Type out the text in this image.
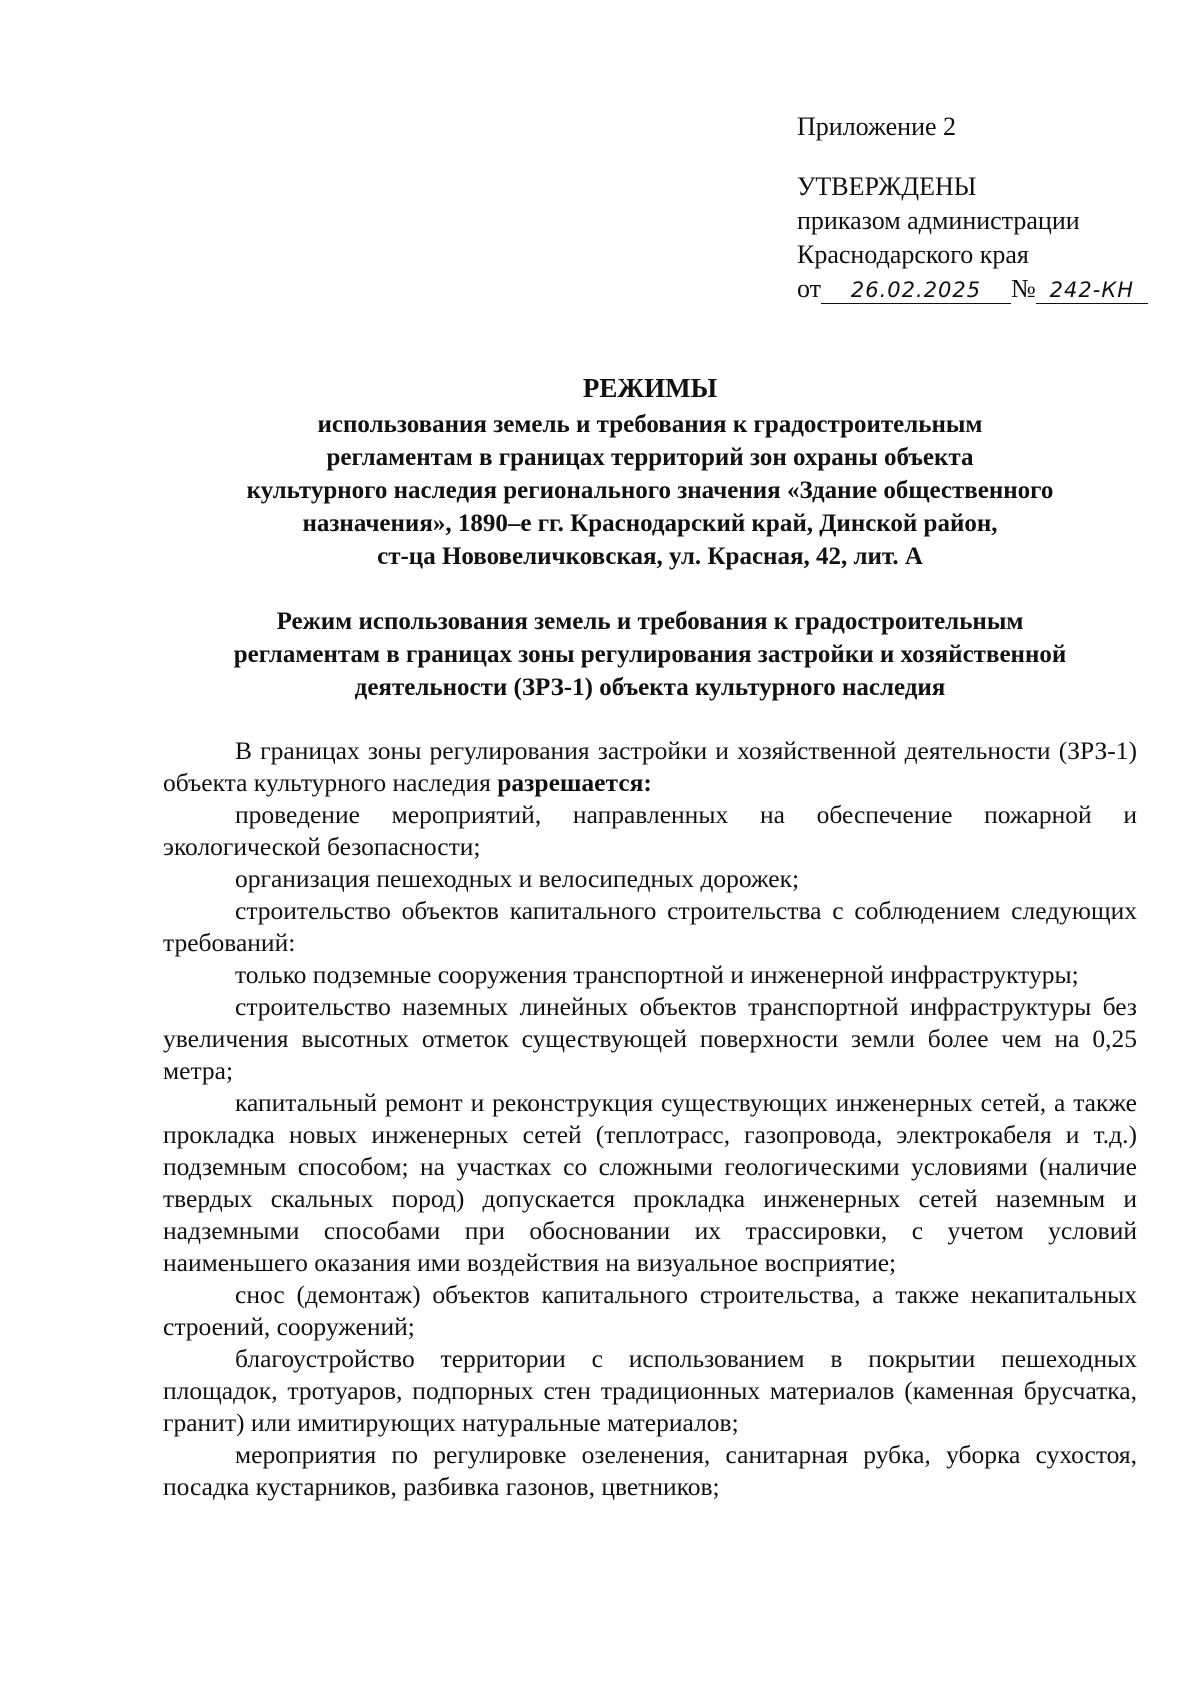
Приложение 2
УТВЕРЖДЕНЫ
приказом администрации
Краснодарского края
от 26.02.2025 № 242-КН
РЕЖИМЫ
использования земель и требования к градостроительным
регламентам в границах территорий зон охраны объекта
культурного наследия регионального значения «Здание общественного
назначения», 1890–е гг. Краснодарский край, Динской район,
ст-ца Нововеличковская, ул. Красная, 42, лит. А
Режим использования земель и требования к градостроительным
регламентам в границах зоны регулирования застройки и хозяйственной
деятельности (ЗРЗ-1) объекта культурного наследия

В границах зоны регулирования застройки и хозяйственной деятельности (ЗРЗ-1) объекта культурного наследия разрешается:

проведение мероприятий, направленных на обеспечение пожарной и экологической безопасности;

организация пешеходных и велосипедных дорожек;

строительство объектов капитального строительства с соблюдением следующих требований:

только подземные сооружения транспортной и инженерной инфраструктуры;

строительство наземных линейных объектов транспортной инфраструктуры без увеличения высотных отметок существующей поверхности земли более чем на 0,25 метра;

капитальный ремонт и реконструкция существующих инженерных сетей, а также прокладка новых инженерных сетей (теплотрасс, газопровода, электрокабеля и т.д.) подземным способом; на участках со сложными геологическими условиями (наличие твердых скальных пород) допускается прокладка инженерных сетей наземным и надземными способами при обосновании их трассировки, с учетом условий наименьшего оказания ими воздействия на визуальное восприятие;

снос (демонтаж) объектов капитального строительства, а также некапитальных строений, сооружений;

благоустройство территории с использованием в покрытии пешеходных площадок, тротуаров, подпорных стен традиционных материалов (каменная брусчатка, гранит) или имитирующих натуральные материалов;

мероприятия по регулировке озеленения, санитарная рубка, уборка сухостоя, посадка кустарников, разбивка газонов, цветников;
